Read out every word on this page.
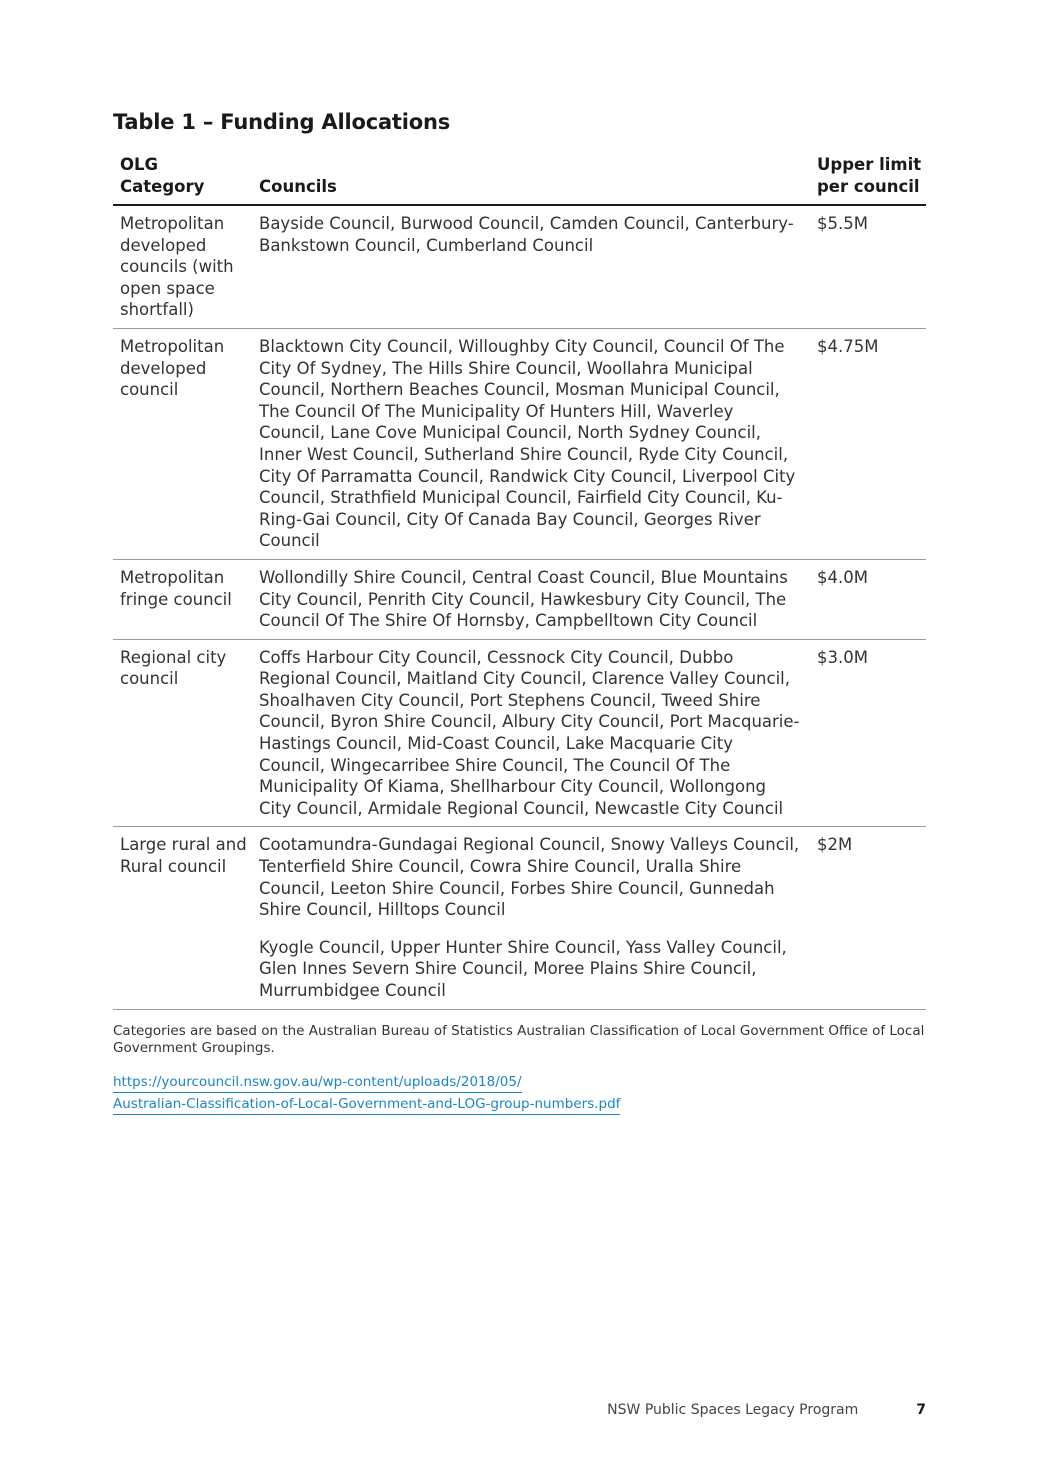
Table 1 – Funding Allocations
OLG
Category	Councils	Upper limit
per council
Metropolitan developed councils (with open space shortfall)	Bayside Council, Burwood Council, Camden Council, Canterbury-Bankstown Council, Cumberland Council	$5.5M
Metropolitan developed council	Blacktown City Council, Willoughby City Council, Council Of The City Of Sydney, The Hills Shire Council, Woollahra Municipal Council, Northern Beaches Council, Mosman Municipal Council, The Council Of The Municipality Of Hunters Hill, Waverley Council, Lane Cove Municipal Council, North Sydney Council, Inner West Council, Sutherland Shire Council, Ryde City Council, City Of Parramatta Council, Randwick City Council, Liverpool City Council, Strathfield Municipal Council, Fairfield City Council, Ku-Ring-Gai Council, City Of Canada Bay Council, Georges River Council	$4.75M
Metropolitan fringe council	Wollondilly Shire Council, Central Coast Council, Blue Mountains City Council, Penrith City Council, Hawkesbury City Council, The Council Of The Shire Of Hornsby, Campbelltown City Council	$4.0M
Regional city council	Coffs Harbour City Council, Cessnock City Council, Dubbo Regional Council, Maitland City Council, Clarence Valley Council, Shoalhaven City Council, Port Stephens Council, Tweed Shire Council, Byron Shire Council, Albury City Council, Port Macquarie-Hastings Council, Mid-Coast Council, Lake Macquarie City Council, Wingecarribee Shire Council, The Council Of The Municipality Of Kiama, Shellharbour City Council, Wollongong City Council, Armidale Regional Council, Newcastle City Council	$3.0M
Large rural and Rural council	Cootamundra-Gundagai Regional Council, Snowy Valleys Council, Tenterfield Shire Council, Cowra Shire Council, Uralla Shire Council, Leeton Shire Council, Forbes Shire Council, Gunnedah Shire Council, Hilltops Council

Kyogle Council, Upper Hunter Shire Council, Yass Valley Council, Glen Innes Severn Shire Council, Moree Plains Shire Council, Murrumbidgee Council	$2M

Categories are based on the Australian Bureau of Statistics Australian Classification of Local Government Office of Local Government Groupings.

https://yourcouncil.nsw.gov.au/wp-content/uploads/2018/05/
Australian-Classification-of-Local-Government-and-LOG-group-numbers.pdf
NSW Public Spaces Legacy Program	7
